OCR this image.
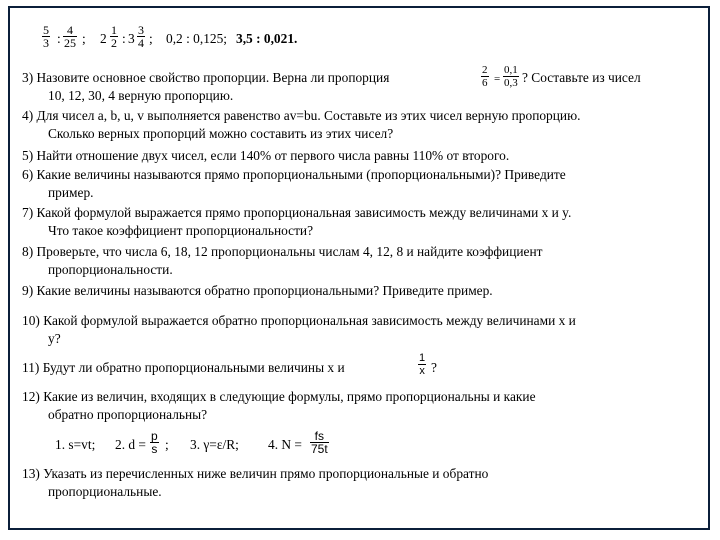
$\frac{5}{3}$ : $\frac{4}{25}$ ; $2 \frac{1}{2}$ : $3 \frac{3}{4}$ ; 0,2 : 0,125; 3,5 : 0,021.
3) Назовите основное свойство пропорции. Верна ли пропорция	$\frac{2}{6} = \frac{0,1}{0,3}$ ? Составьте из чисел
10, 12, 30, 4 верную пропорцию.
4) Для чисел a, b, u, v выполняется равенство av=bu. Составьте из этих чисел верную пропорцию.
Сколько верных пропорций можно составить из этих чисел?
5) Найти отношение двух чисел, если 140% от первого числа равны 110% от второго.
6) Какие величины называются прямо пропорциональными (пропорциональными)? Приведите
пример.
7) Какой формулой выражается прямо пропорциональная зависимость между величинами x и y.
Что такое коэффициент пропорциональности?
8) Проверьте, что числа 6, 18, 12 пропорциональны числам 4, 12, 8 и найдите коэффициент
пропорциональности.
9) Какие величины называются обратно пропорциональными? Приведите пример.
10) Какой формулой выражается обратно пропорциональная зависимость между величинами x и
y?
11) Будут ли обратно пропорциональными величины x и	$\frac{1}{x}$ ?
12) Какие из величин, входящих в следующие формулы, прямо пропорциональны и какие
обратно пропорциональны?
1. s=vt; 2. $d = \frac{p}{s}$ ; 3. γ=ε/R; 4. $N = \frac{fs}{75t}$
13) Указать из перечисленных ниже величин прямо пропорциональные и обратно
пропорциональные.
